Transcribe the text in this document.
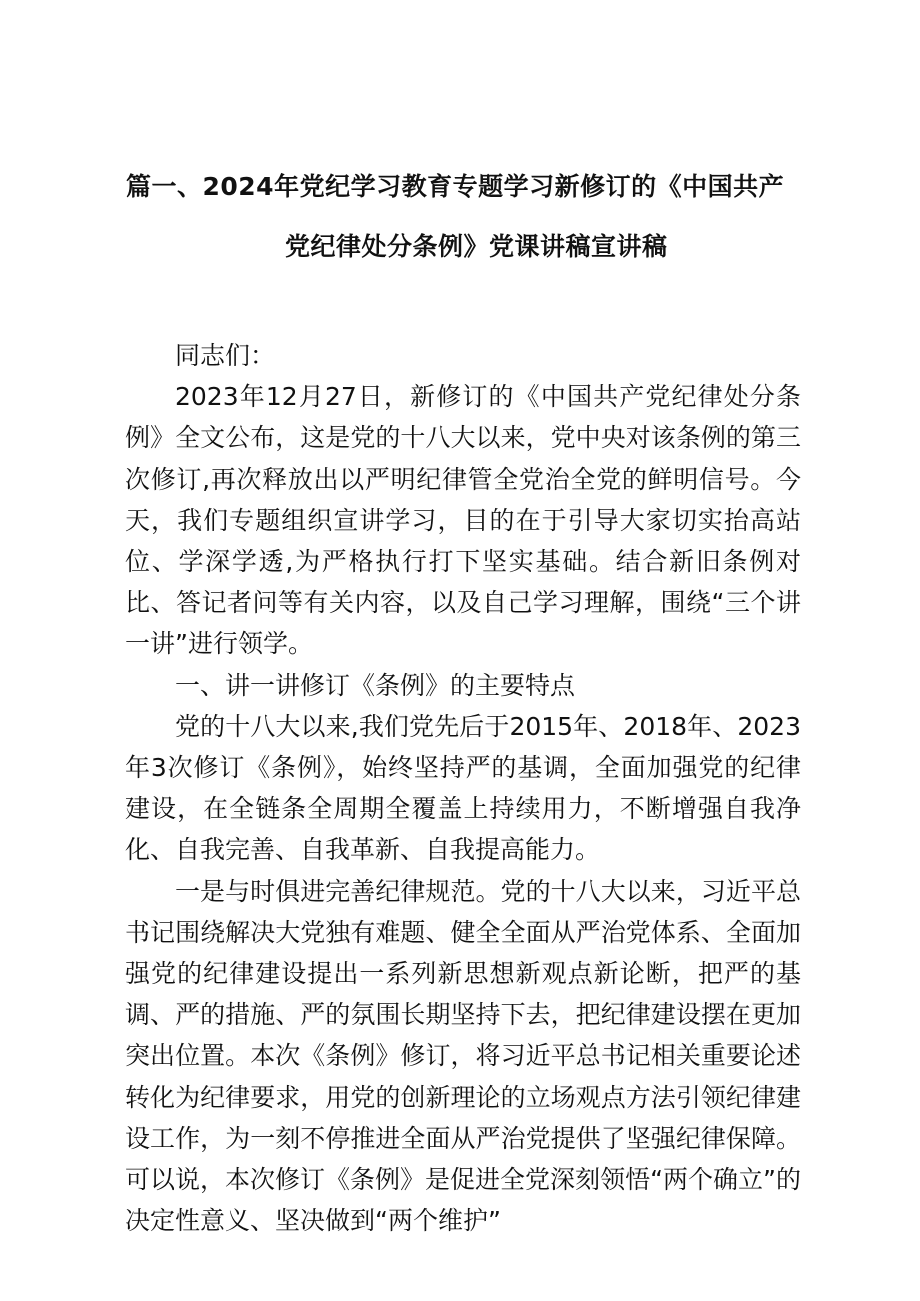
篇一、2024年党纪学习教育专题学习新修订的《中国共产
党纪律处分条例》党课讲稿宣讲稿

同志们：

2023年12月27日，新修订的《中国共产党纪律处分条例》全文公布，这是党的十八大以来，党中央对该条例的第三次修订,再次释放出以严明纪律管全党治全党的鲜明信号。今天，我们专题组织宣讲学习，目的在于引导大家切实抬高站位、学深学透,为严格执行打下坚实基础。结合新旧条例对比、答记者问等有关内容，以及自己学习理解，围绕“三个讲一讲”进行领学。

一、讲一讲修订《条例》的主要特点

党的十八大以来,我们党先后于2015年、2018年、2023年3次修订《条例》，始终坚持严的基调，全面加强党的纪律建设，在全链条全周期全覆盖上持续用力，不断增强自我净化、自我完善、自我革新、自我提高能力。

一是与时俱进完善纪律规范。党的十八大以来，习近平总书记围绕解决大党独有难题、健全全面从严治党体系、全面加强党的纪律建设提出一系列新思想新观点新论断，把严的基调、严的措施、严的氛围长期坚持下去，把纪律建设摆在更加突出位置。本次《条例》修订，将习近平总书记相关重要论述转化为纪律要求，用党的创新理论的立场观点方法引领纪律建设工作，为一刻不停推进全面从严治党提供了坚强纪律保障。可以说，本次修订《条例》是促进全党深刻领悟“两个确立”的决定性意义、坚决做到“两个维护”
